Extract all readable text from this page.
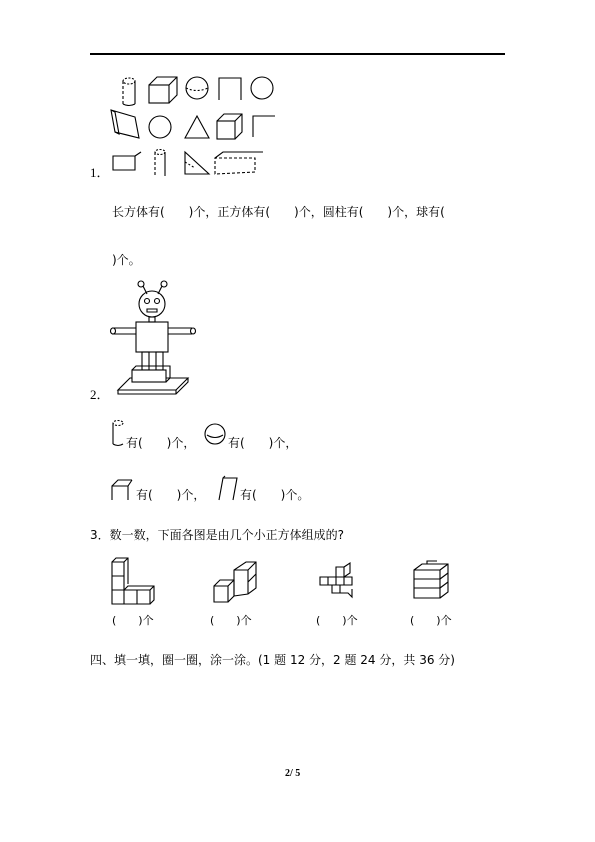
1．
长方体有(　　)个，正方体有(　　)个，圆柱有(　　)个，球有(
)个。
2．
有(　　)个，	有(　　)个，
有(　　)个，	有(　　)个。
3．数一数，下面各图是由几个小正方体组成的?
(　　)个	(　　)个	(　　)个	(　　)个
四、填一填，圈一圈，涂一涂。(1 题 12 分，2 题 24 分，共 36 分)
2/ 5
